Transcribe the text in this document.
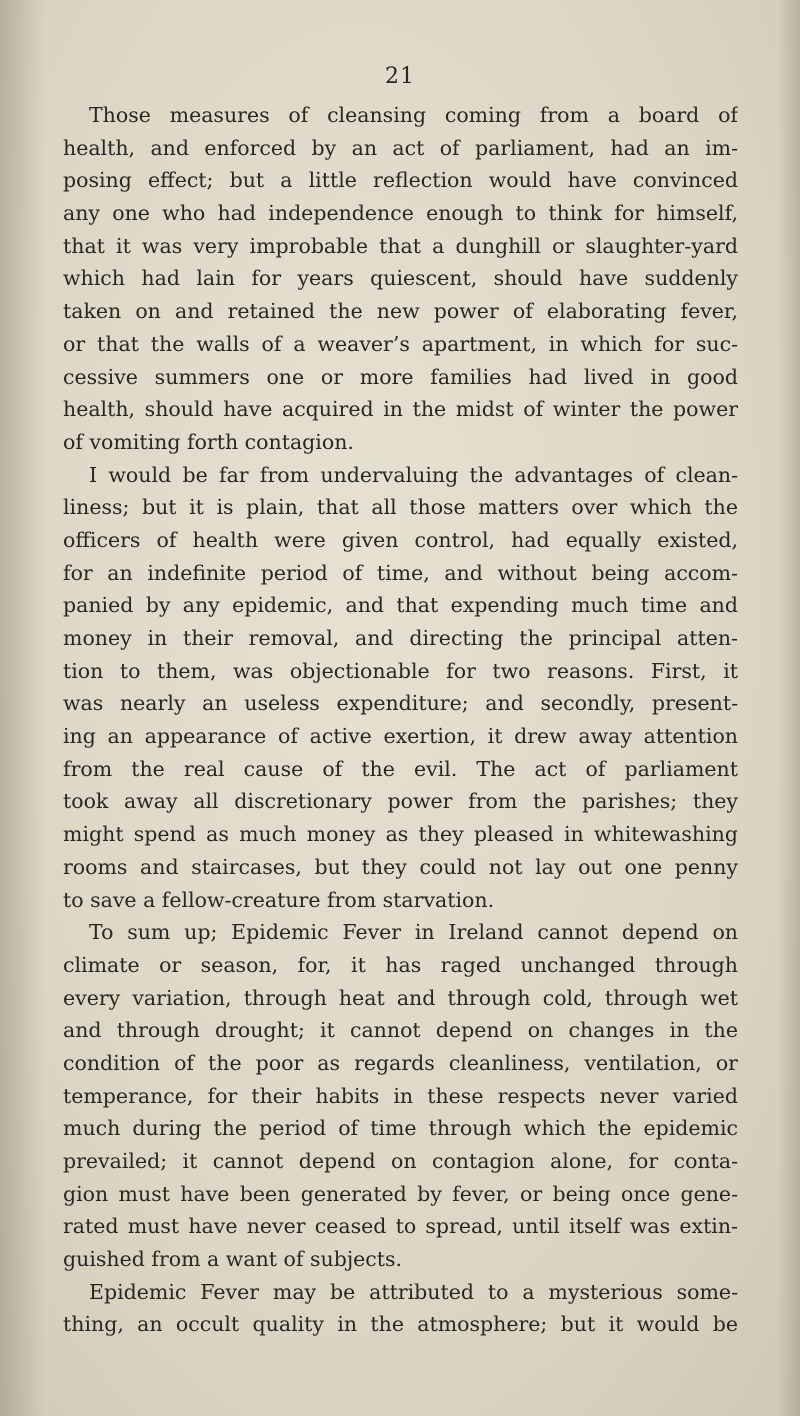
21
Those measures of cleansing coming from a board of
health, and enforced by an act of parliament, had an im-
posing effect; but a little reflection would have convinced
any one who had independence enough to think for himself,
that it was very improbable that a dunghill or slaughter-yard
which had lain for years quiescent, should have suddenly
taken on and retained the new power of elaborating fever,
or that the walls of a weaver’s apartment, in which for suc-
cessive summers one or more families had lived in good
health, should have acquired in the midst of winter the power
of vomiting forth contagion.
I would be far from undervaluing the advantages of clean-
liness; but it is plain, that all those matters over which the
officers of health were given control, had equally existed,
for an indefinite period of time, and without being accom-
panied by any epidemic, and that expending much time and
money in their removal, and directing the principal atten-
tion to them, was objectionable for two reasons. First, it
was nearly an useless expenditure; and secondly, present-
ing an appearance of active exertion, it drew away attention
from the real cause of the evil. The act of parliament
took away all discretionary power from the parishes; they
might spend as much money as they pleased in whitewashing
rooms and staircases, but they could not lay out one penny
to save a fellow-creature from starvation.
To sum up; Epidemic Fever in Ireland cannot depend on
climate or season, for, it has raged unchanged through
every variation, through heat and through cold, through wet
and through drought; it cannot depend on changes in the
condition of the poor as regards cleanliness, ventilation, or
temperance, for their habits in these respects never varied
much during the period of time through which the epidemic
prevailed; it cannot depend on contagion alone, for conta-
gion must have been generated by fever, or being once gene-
rated must have never ceased to spread, until itself was extin-
guished from a want of subjects.
Epidemic Fever may be attributed to a mysterious some-
thing, an occult quality in the atmosphere; but it would be
